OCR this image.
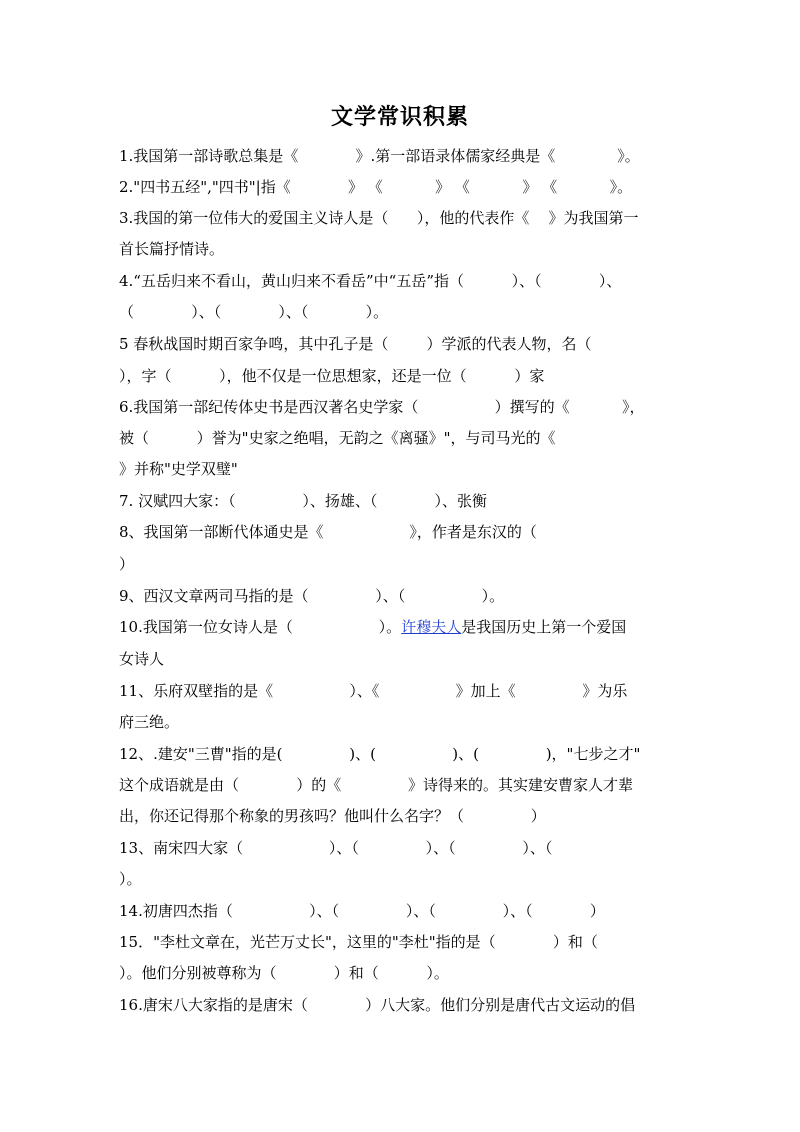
文学常识积累
1.我国第一部诗歌总集是《            》.第一部语录体儒家经典是《             》。
2."四书五经","四书"|指《            》 《           》 《           》 《           》。
3.我国的第一位伟大的爱国主义诗人是（      ），他的代表作《    》为我国第一
首长篇抒情诗。
4.“五岳归来不看山，黄山归来不看岳”中“五岳”指（          ）、（            ）、
（            ）、（            ）、（            ）。
5 春秋战国时期百家争鸣，其中孔子是（        ）学派的代表人物，名（
），字（          ），他不仅是一位思想家，还是一位（          ）家
6.我国第一部纪传体史书是西汉著名史学家（                ）撰写的《           》，
被（          ）誉为"史家之绝唱，无韵之《离骚》"，与司马光的《
》并称"史学双璧"
7. 汉赋四大家：（              ）、扬雄、（            ）、张衡
8、我国第一部断代体通史是《                  》，作者是东汉的（
）
9、西汉文章两司马指的是（              ）、（                ）。
10.我国第一位女诗人是（                  ）。许穆夫人是我国历史上第一个爱国
女诗人
11、乐府双壁指的是《                ）、《                》加上《              》为乐
府三绝。
12、.建安"三曹"指的是(              )、(                )、(              )，"七步之才"
这个成语就是由（            ）的《              》诗得来的。其实建安曹家人才辈
出，你还记得那个称象的男孩吗？他叫什么名字？（              ）
13、南宋四大家（                  ）、（              ）、（              ）、（
）。
14.初唐四杰指（                ）、（              ）、（              ）、（            ）
15．"李杜文章在，光芒万丈长"，这里的"李杜"指的是（            ）和（
）。他们分别被尊称为（            ）和（          ）。
16.唐宋八大家指的是唐宋（            ）八大家。他们分别是唐代古文运动的倡
